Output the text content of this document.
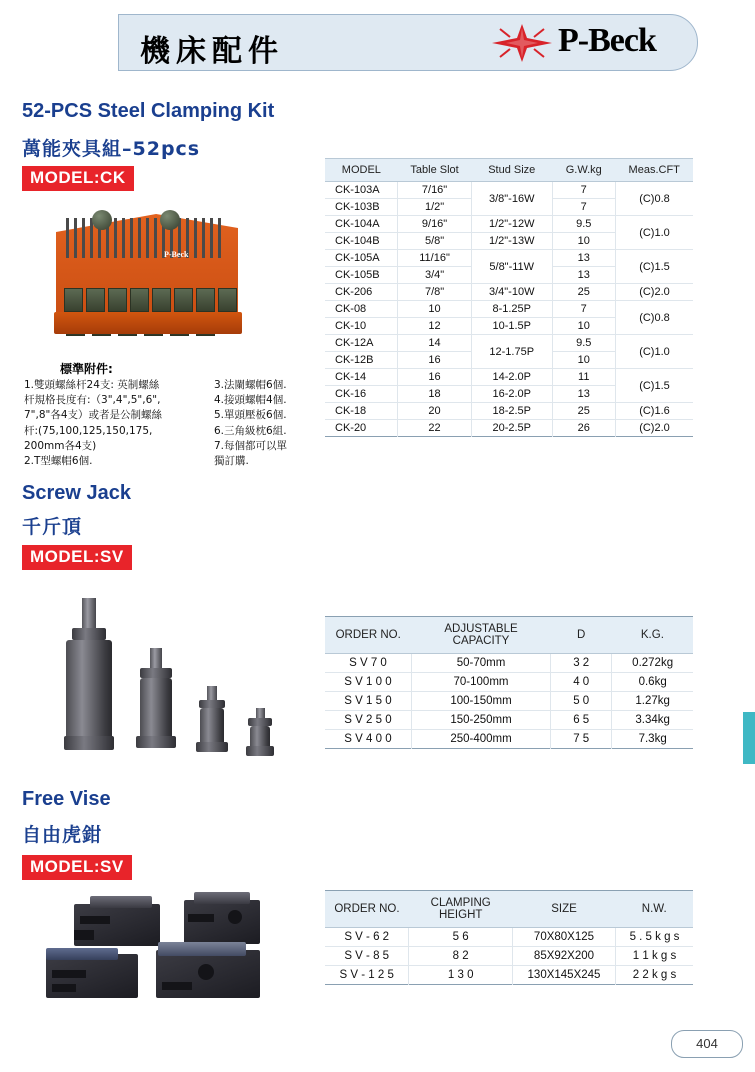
機床配件	P-Beck
52-PCS Steel Clamping Kit
萬能夾具組–52pcs
MODEL:CK
P-Beck
標準附件:
1.雙頭螺絲杆24支: 英制螺絲
杆規格長度有:（3",4",5",6",
7",8"各4支）或者是公制螺絲
杆:(75,100,125,150,175,
200mm各4支)
2.T型螺帽6個.
3.法闌螺帽6個.
4.接頭螺帽4個.
5.單頭壓板6個.
6.三角級枕6組.
7.每個都可以單
獨訂購.
MODEL	Table Slot	Stud Size	G.W.kg	Meas.CFT
CK-103A	7/16"	3/8"-16W	7	(C)0.8
CK-103B	1/2"		7	
CK-104A	9/16"	1/2"-12W	9.5	(C)1.0
CK-104B	5/8"	1/2"-13W	10	
CK-105A	11/16"	5/8"-11W	13	(C)1.5
CK-105B	3/4"		13	
CK-206	7/8"	3/4"-10W	25	(C)2.0
CK-08	10	8-1.25P	7	(C)0.8
CK-10	12	10-1.5P	10	
CK-12A	14	12-1.75P	9.5	(C)1.0
CK-12B	16		10	
CK-14	16	14-2.0P	11	(C)1.5
CK-16	18	16-2.0P	13	
CK-18	20	18-2.5P	25	(C)1.6
CK-20	22	20-2.5P	26	(C)2.0
Screw Jack
千斤頂
MODEL:SV
ORDER NO.	ADJUSTABLE CAPACITY	D	K.G.
S V 7 0	50-70mm	3 2	0.272kg
S V 1 0 0	70-100mm	4 0	0.6kg
S V 1 5 0	100-150mm	5 0	1.27kg
S V 2 5 0	150-250mm	6 5	3.34kg
S V 4 0 0	250-400mm	7 5	7.3kg
Free Vise
自由虎鉗
MODEL:SV
ORDER NO.	CLAMPING HEIGHT	SIZE	N.W.
S V - 6 2	5 6	70X80X125	5 . 5 k g s
S V - 8 5	8 2	85X92X200	1 1 k g s
S V - 1 2 5	1 3 0	130X145X245	2 2 k g s
404
